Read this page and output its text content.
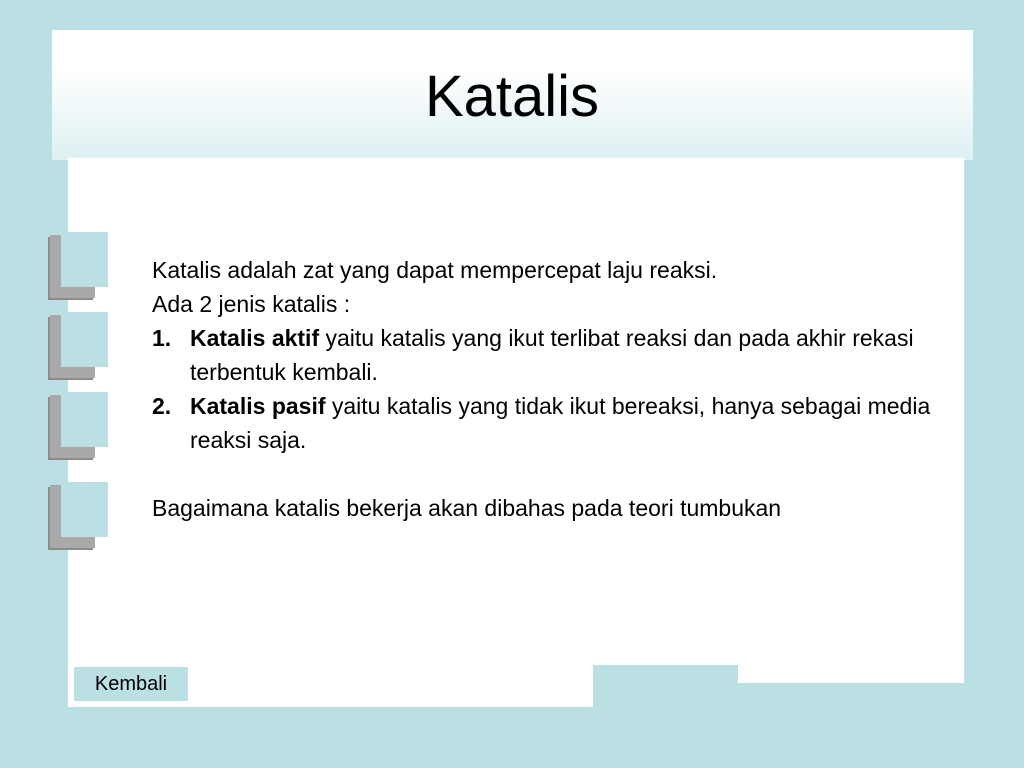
Katalis

Katalis adalah zat yang dapat mempercepat laju reaksi.

Ada 2 jenis katalis :

1. Katalis aktif yaitu katalis yang ikut terlibat reaksi dan pada akhir rekasi terbentuk kembali.
2. Katalis pasif yaitu katalis yang tidak ikut bereaksi, hanya sebagai media reaksi saja.

Bagaimana katalis bekerja akan dibahas pada teori tumbukan

Kembali
